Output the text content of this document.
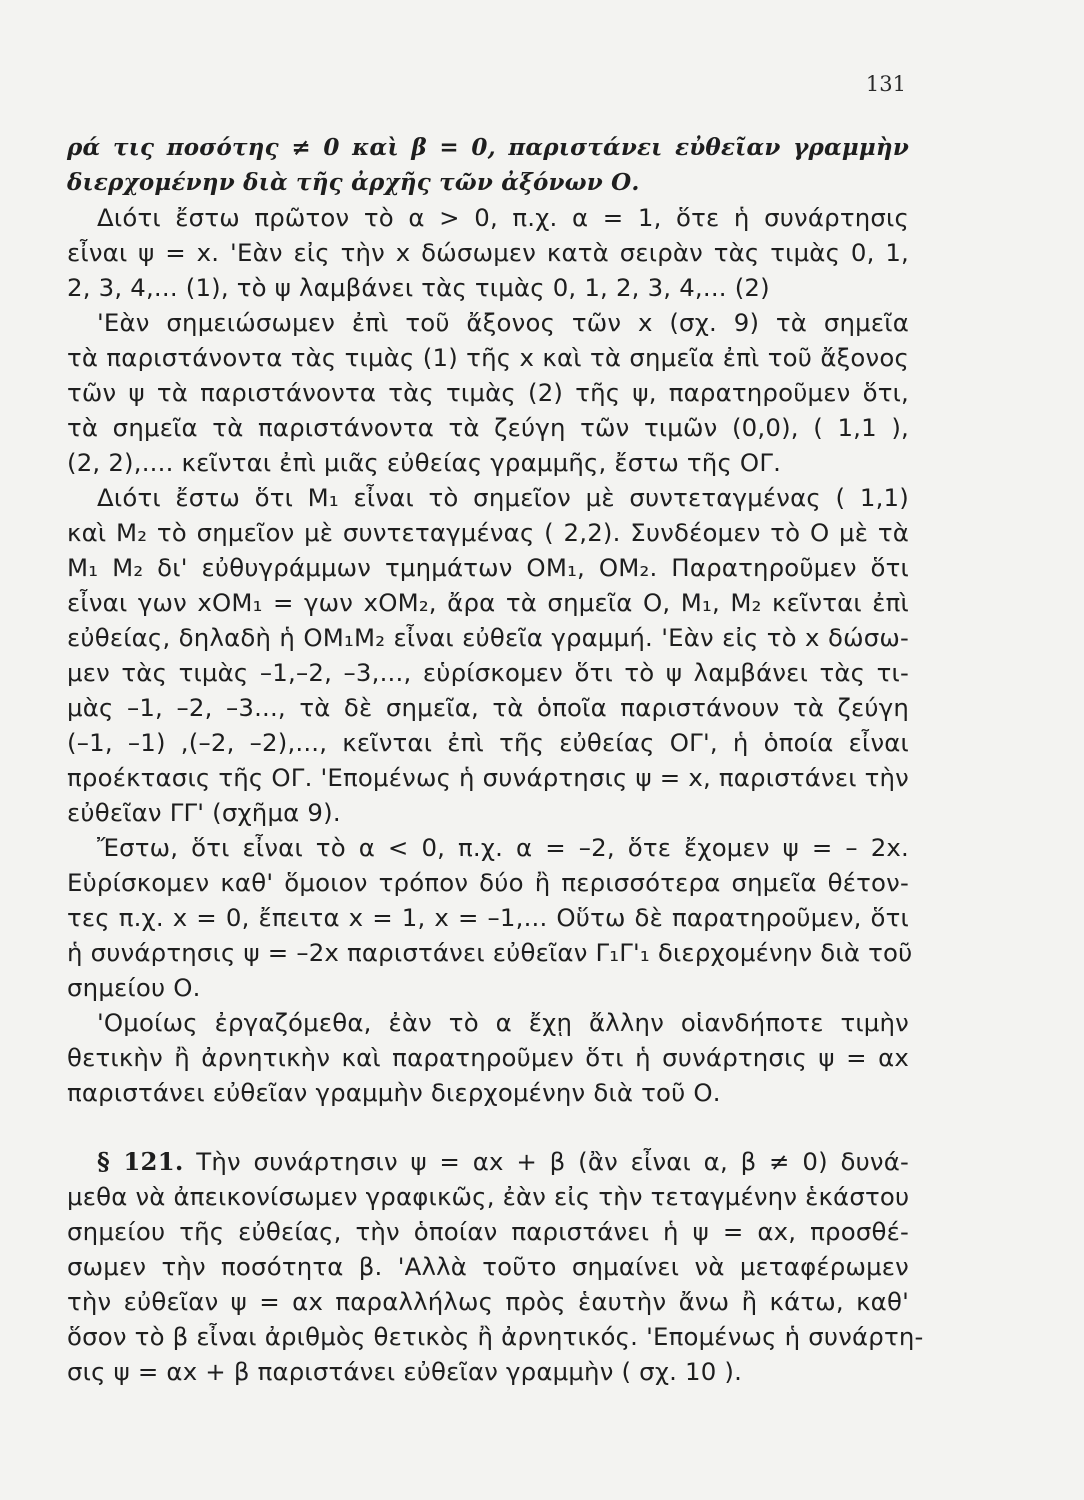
131
ρά τις ποσότης ≠ 0 καὶ β = 0, παριστάνει εὐθεῖαν γραμμὴν
διερχομένην διὰ τῆς ἀρχῆς τῶν ἀξόνων Ο.
Διότι ἔστω πρῶτον τὸ α > 0, π.χ. α = 1, ὅτε ἡ συνάρτησις
εἶναι ψ = x. 'Εὰν εἰς τὴν x δώσωμεν κατὰ σειρὰν τὰς τιμὰς 0, 1,
2, 3, 4,... (1), τὸ ψ λαμβάνει τὰς τιμὰς 0, 1, 2, 3, 4,... (2)
'Εὰν σημειώσωμεν ἐπὶ τοῦ ἄξονος τῶν x (σχ. 9) τὰ σημεῖα
τὰ παριστάνοντα τὰς τιμὰς (1) τῆς x καὶ τὰ σημεῖα ἐπὶ τοῦ ἄξονος
τῶν ψ τὰ παριστάνοντα τὰς τιμὰς (2) τῆς ψ, παρατηροῦμεν ὅτι,
τὰ σημεῖα τὰ παριστάνοντα τὰ ζεύγη τῶν τιμῶν (0,0), ( 1,1 ),
(2, 2),.... κεῖνται ἐπὶ μιᾶς εὐθείας γραμμῆς, ἔστω τῆς ΟΓ.
Διότι ἔστω ὅτι Μ₁ εἶναι τὸ σημεῖον μὲ συντεταγμένας ( 1,1)
καὶ Μ₂ τὸ σημεῖον μὲ συντεταγμένας ( 2,2). Συνδέομεν τὸ Ο μὲ τὰ
Μ₁ Μ₂ δι' εὐθυγράμμων τμημάτων ΟΜ₁, ΟΜ₂. Παρατηροῦμεν ὅτι
εἶναι γων xΟΜ₁ = γων xΟΜ₂, ἄρα τὰ σημεῖα Ο, Μ₁, Μ₂ κεῖνται ἐπὶ
εὐθείας, δηλαδὴ ἡ ΟΜ₁Μ₂ εἶναι εὐθεῖα γραμμή. 'Εὰν εἰς τὸ x δώσω-
μεν τὰς τιμὰς –1,–2, –3,..., εὑρίσκομεν ὅτι τὸ ψ λαμβάνει τὰς τι-
μὰς –1, –2, –3..., τὰ δὲ σημεῖα, τὰ ὁποῖα παριστάνουν τὰ ζεύγη
(–1, –1) ,(–2, –2),..., κεῖνται ἐπὶ τῆς εὐθείας ΟΓ', ἡ ὁποία εἶναι
προέκτασις τῆς ΟΓ. 'Επομένως ἡ συνάρτησις ψ = x, παριστάνει τὴν
εὐθεῖαν ΓΓ' (σχῆμα 9).
Ἔστω, ὅτι εἶναι τὸ α < 0, π.χ. α = –2, ὅτε ἔχομεν ψ = – 2x.
Εὑρίσκομεν καθ' ὅμοιον τρόπον δύο ἢ περισσότερα σημεῖα θέτον-
τες π.χ. x = 0, ἔπειτα x = 1, x = –1,... Οὕτω δὲ παρατηροῦμεν, ὅτι
ἡ συνάρτησις ψ = –2x παριστάνει εὐθεῖαν Γ₁Γ'₁ διερχομένην διὰ τοῦ
σημείου Ο.
'Ομοίως ἐργαζόμεθα, ἐὰν τὸ α ἔχῃ ἄλλην οἱανδήποτε τιμὴν
θετικὴν ἢ ἀρνητικὴν καὶ παρατηροῦμεν ὅτι ἡ συνάρτησις ψ = αx
παριστάνει εὐθεῖαν γραμμὴν διερχομένην διὰ τοῦ Ο.
§ 121. Τὴν συνάρτησιν ψ = αx + β (ἂν εἶναι α, β ≠ 0) δυνά-
μεθα νὰ ἀπεικονίσωμεν γραφικῶς, ἐὰν εἰς τὴν τεταγμένην ἑκάστου
σημείου τῆς εὐθείας, τὴν ὁποίαν παριστάνει ἡ ψ = αx, προσθέ-
σωμεν τὴν ποσότητα β. 'Αλλὰ τοῦτο σημαίνει νὰ μεταφέρωμεν
τὴν εὐθεῖαν ψ = αx παραλλήλως πρὸς ἑαυτὴν ἄνω ἢ κάτω, καθ'
ὅσον τὸ β εἶναι ἀριθμὸς θετικὸς ἢ ἀρνητικός. 'Επομένως ἡ συνάρτη-
σις ψ = αx + β παριστάνει εὐθεῖαν γραμμὴν ( σχ. 10 ).
